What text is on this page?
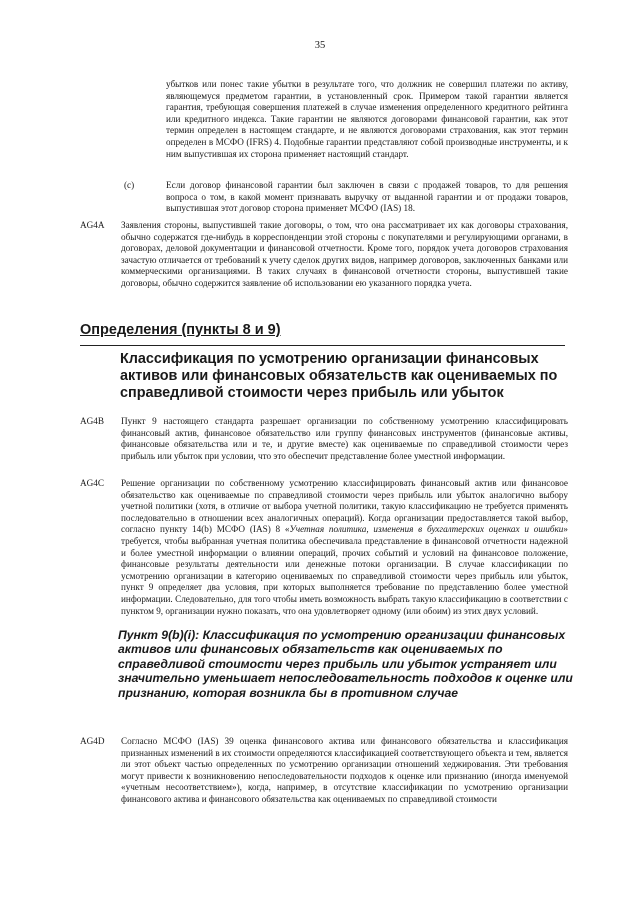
35

убытков или понес такие убытки в результате того, что должник не совершил платежи по активу, являющемуся предметом гарантии, в установленный срок. Примером такой гарантии является гарантия, требующая совершения платежей в случае изменения определенного кредитного рейтинга или кредитного индекса. Такие гарантии не являются договорами финансовой гарантии, как этот термин определен в настоящем стандарте, и не являются договорами страхования, как этот термин определен в МСФО (IFRS) 4. Подобные гарантии представляют собой производные инструменты, и к ним выпустившая их сторона применяет настоящий стандарт.

(c)	Если договор финансовой гарантии был заключен в связи с продажей товаров, то для решения вопроса о том, в какой момент признавать выручку от выданной гарантии и от продажи товаров, выпустившая этот договор сторона применяет МСФО (IAS) 18.

AG4A Заявления стороны, выпустившей такие договоры, о том, что она рассматривает их как договоры страхования, обычно содержатся где-нибудь в корреспонденции этой стороны с покупателями и регулирующими органами, в договорах, деловой документации и финансовой отчетности. Кроме того, порядок учета договоров страхования зачастую отличается от требований к учету сделок других видов, например договоров, заключенных банками или коммерческими организациями. В таких случаях в финансовой отчетности стороны, выпустившей такие договоры, обычно содержится заявление об использовании ею указанного порядка учета.

Определения (пункты 8 и 9)
Классификация по усмотрению организации финансовых активов или финансовых обязательств как оцениваемых по справедливой стоимости через прибыль или убыток

AG4B Пункт 9 настоящего стандарта разрешает организации по собственному усмотрению классифицировать финансовый актив, финансовое обязательство или группу финансовых инструментов (финансовые активы, финансовые обязательства или и те, и другие вместе) как оцениваемые по справедливой стоимости через прибыль или убыток при условии, что это обеспечит представление более уместной информации.

AG4C Решение организации по собственному усмотрению классифицировать финансовый актив или финансовое обязательство как оцениваемые по справедливой стоимости через прибыль или убыток аналогично выбору учетной политики (хотя, в отличие от выбора учетной политики, такую классификацию не требуется применять последовательно в отношении всех аналогичных операций). Когда организации предоставляется такой выбор, согласно пункту 14(b) МСФО (IAS) 8 «Учетная политика, изменения в бухгалтерских оценках и ошибки» требуется, чтобы выбранная учетная политика обеспечивала представление в финансовой отчетности надежной и более уместной информации о влиянии операций, прочих событий и условий на финансовое положение, финансовые результаты деятельности или денежные потоки организации. В случае классификации по усмотрению организации в категорию оцениваемых по справедливой стоимости через прибыль или убыток, пункт 9 определяет два условия, при которых выполняется требование по представлению более уместной информации. Следовательно, для того чтобы иметь возможность выбрать такую классификацию в соответствии с пунктом 9, организации нужно показать, что она удовлетворяет одному (или обоим) из этих двух условий.

Пункт 9(b)(i): Классификация по усмотрению организации финансовых активов или финансовых обязательств как оцениваемых по справедливой стоимости через прибыль или убыток устраняет или значительно уменьшает непоследовательность подходов к оценке или признанию, которая возникла бы в противном случае

AG4D Согласно МСФО (IAS) 39 оценка финансового актива или финансового обязательства и классификация признанных изменений в их стоимости определяются классификацией соответствующего объекта и тем, является ли этот объект частью определенных по усмотрению организации отношений хеджирования. Эти требования могут привести к возникновению непоследовательности подходов к оценке или признанию (иногда именуемой «учетным несоответствием»), когда, например, в отсутствие классификации по усмотрению организации финансового актива и финансового обязательства как оцениваемых по справедливой стоимости
